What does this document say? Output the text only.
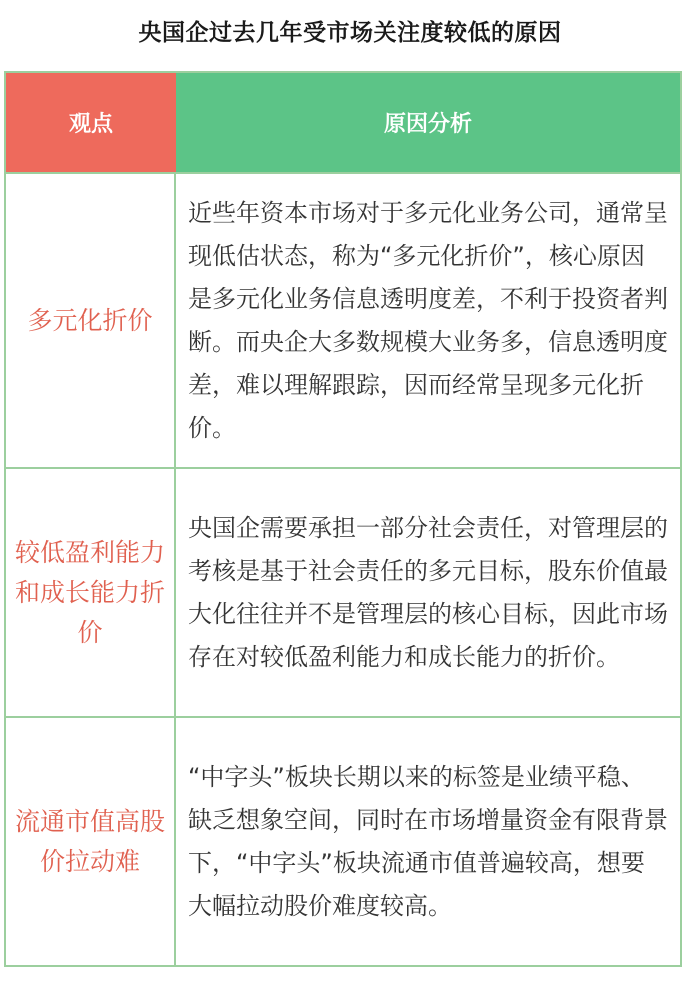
央国企过去几年受市场关注度较低的原因
观点	原因分析
多元化折价
近些年资本市场对于多元化业务公司，通常呈现低估状态，称为“多元化折价”，核心原因是多元化业务信息透明度差，不利于投资者判断。而央企大多数规模大业务多，信息透明度差，难以理解跟踪，因而经常呈现多元化折价。
较低盈利能力和成长能力折价
央国企需要承担一部分社会责任，对管理层的考核是基于社会责任的多元目标，股东价值最大化往往并不是管理层的核心目标，因此市场存在对较低盈利能力和成长能力的折价。
流通市值高股价拉动难
“中字头”板块长期以来的标签是业绩平稳、缺乏想象空间，同时在市场增量资金有限背景下，“中字头”板块流通市值普遍较高，想要大幅拉动股价难度较高。
